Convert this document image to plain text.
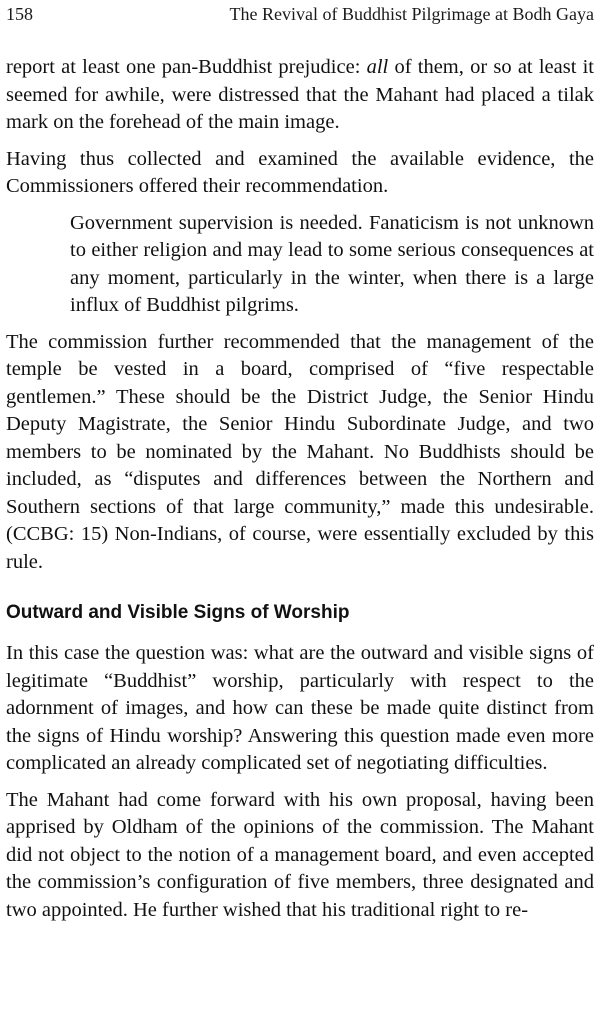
158	The Revival of Buddhist Pilgrimage at Bodh Gaya

report at least one pan-Buddhist prejudice: all of them, or so at least it seemed for awhile, were distressed that the Mahant had placed a tilak mark on the forehead of the main image.

Having thus collected and examined the available evidence, the Commissioners offered their recommendation.

Government supervision is needed. Fanaticism is not unknown to either religion and may lead to some serious consequences at any moment, particularly in the winter, when there is a large influx of Buddhist pilgrims.

The commission further recommended that the management of the temple be vested in a board, comprised of “five respectable gentlemen.” These should be the District Judge, the Senior Hindu Deputy Magistrate, the Senior Hindu Subordinate Judge, and two members to be nominated by the Mahant. No Buddhists should be included, as “disputes and differences between the Northern and Southern sections of that large community,” made this undesirable. (CCBG: 15) Non-Indians, of course, were essentially excluded by this rule.

Outward and Visible Signs of Worship

In this case the question was: what are the outward and visible signs of legitimate “Buddhist” worship, particularly with respect to the adornment of images, and how can these be made quite distinct from the signs of Hindu worship? Answering this question made even more complicated an already complicated set of negotiating difficulties.

The Mahant had come forward with his own proposal, having been apprised by Oldham of the opinions of the commission. The Mahant did not object to the notion of a management board, and even accepted the commission’s configuration of five members, three designated and two appointed. He further wished that his traditional right to re-
